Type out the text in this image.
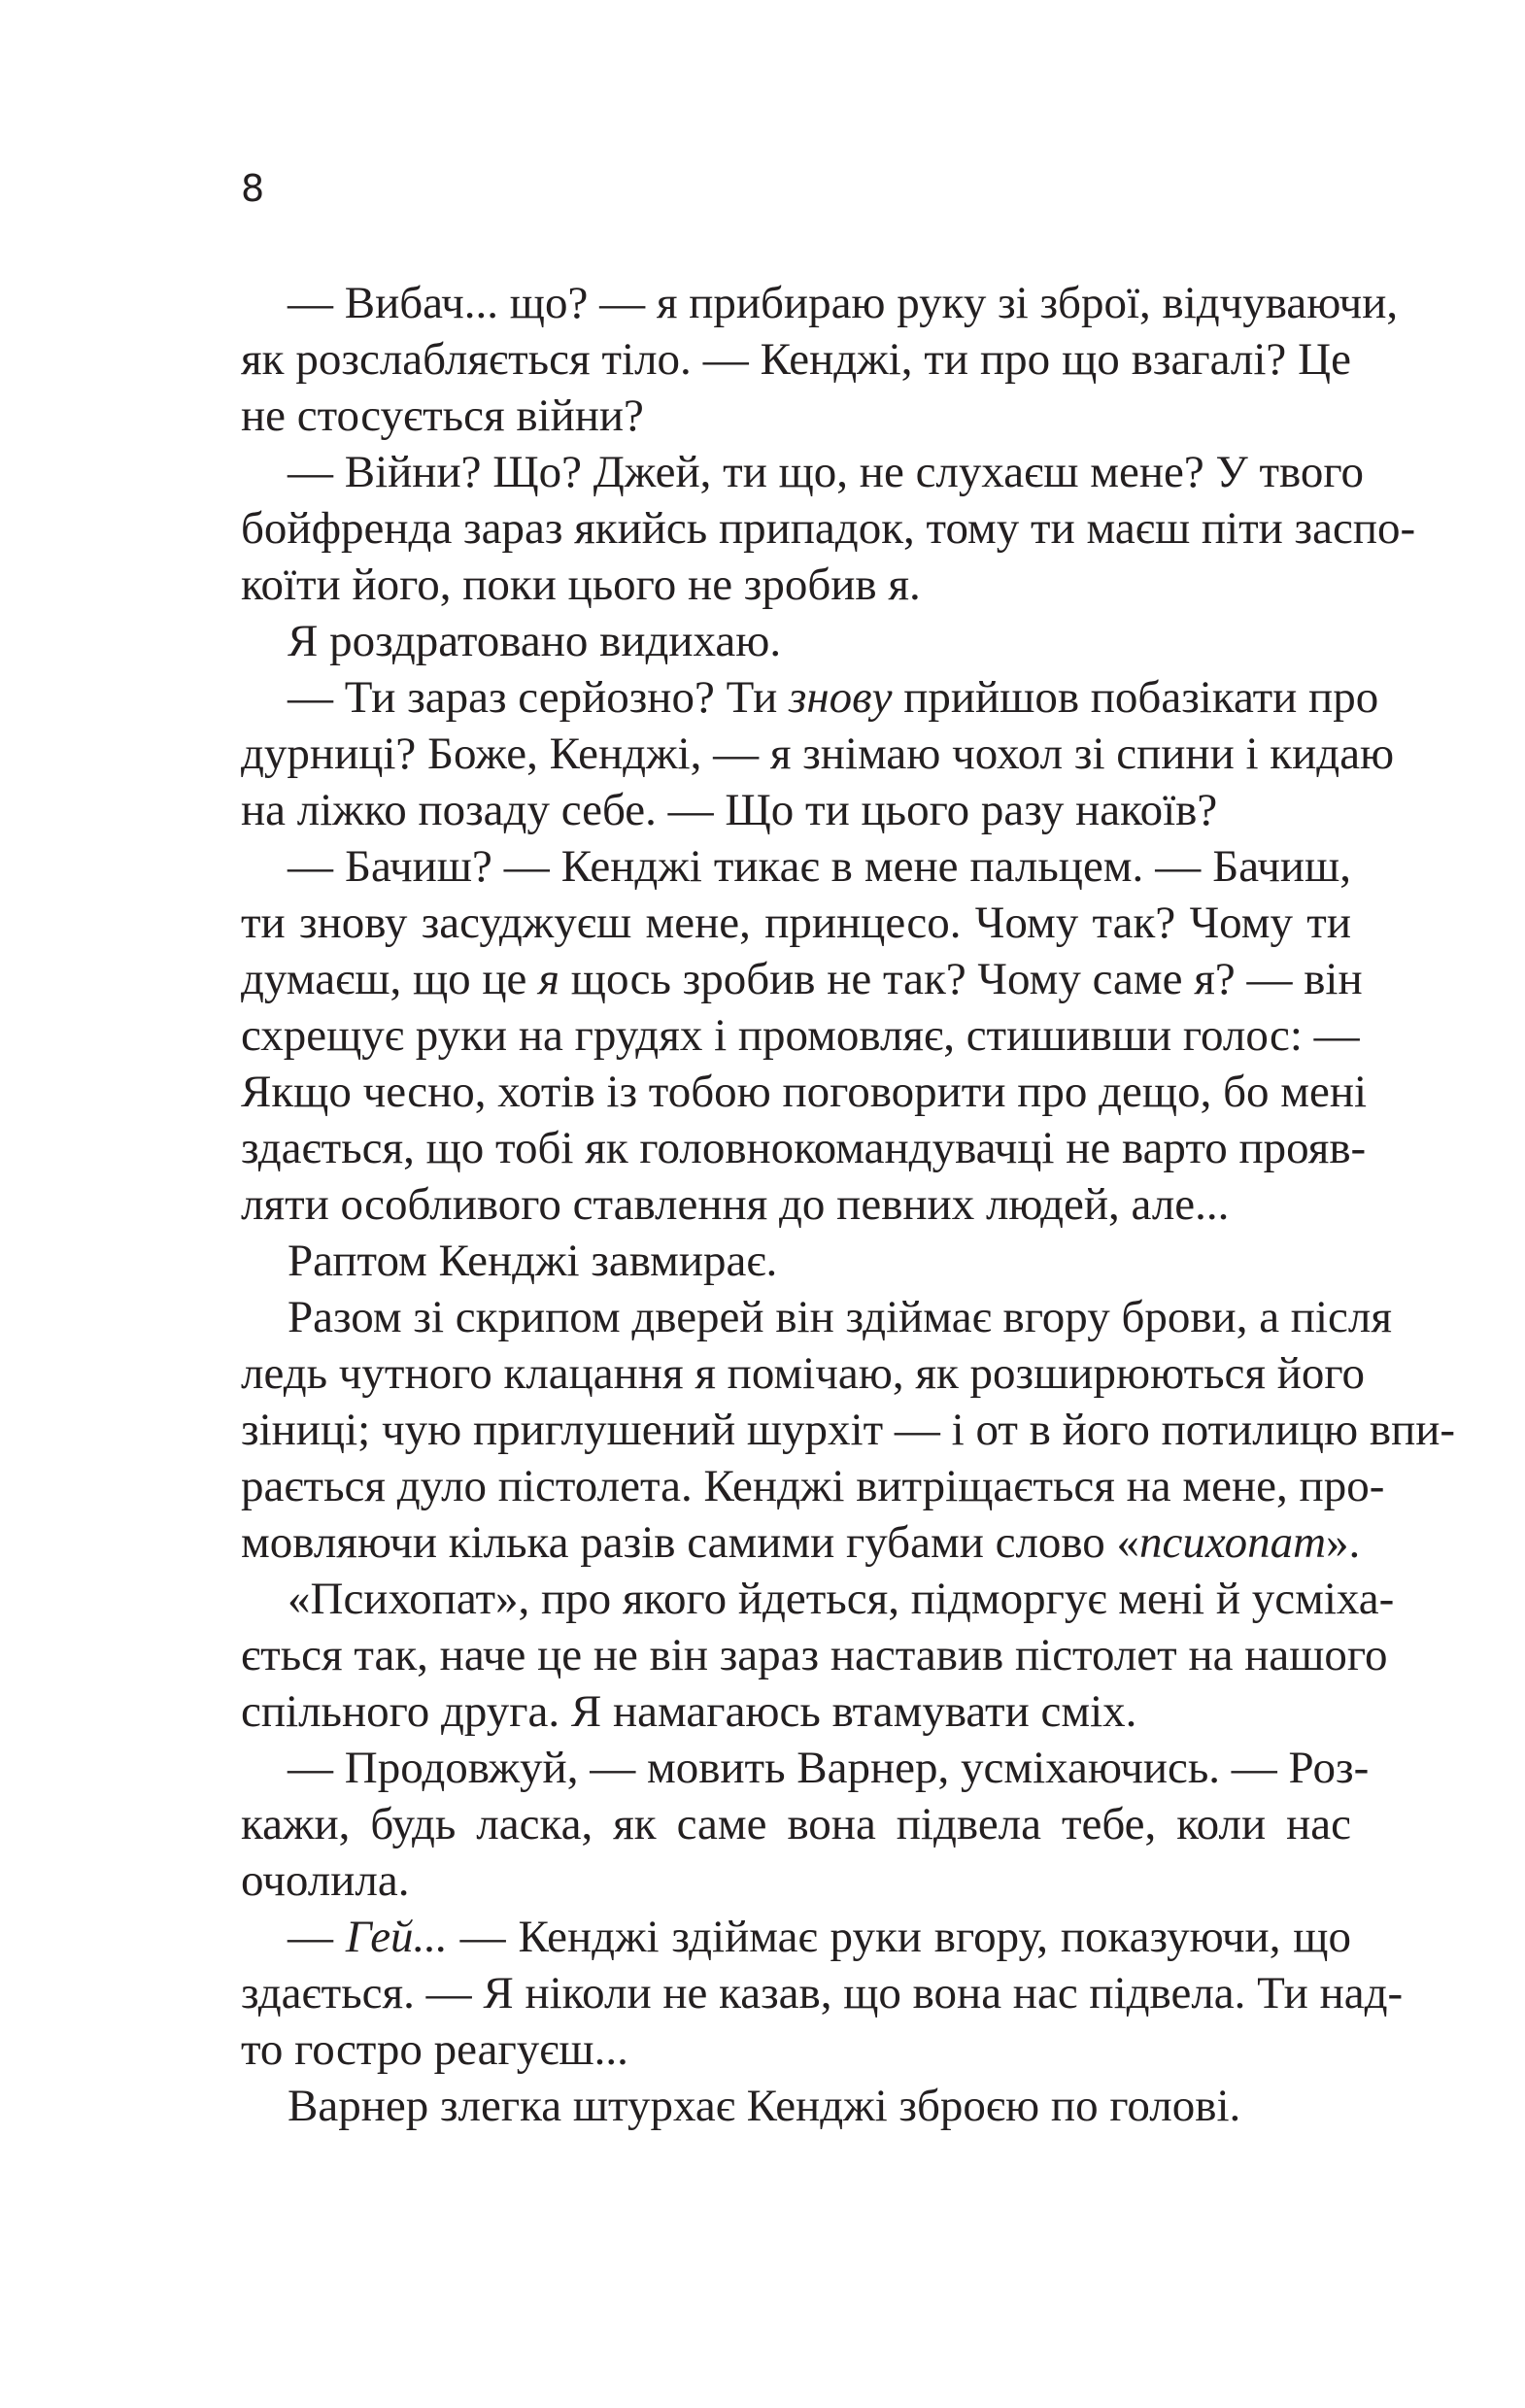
8
— Вибач... що? — я прибираю руку зі зброї, відчуваючи,
як розслабляється тіло. — Кенджі, ти про що взагалі? Це
не стосується війни?
— Війни? Що? Джей, ти що, не слухаєш мене? У твого
бойфренда зараз якийсь припадок, тому ти маєш піти заспо-
коїти його, поки цього не зробив я.
Я роздратовано видихаю.
— Ти зараз серйозно? Ти знову прийшов побазікати про
дурниці? Боже, Кенджі, — я знімаю чохол зі спини і кидаю
на ліжко позаду себе. — Що ти цього разу накоїв?
— Бачиш? — Кенджі тикає в мене пальцем. — Бачиш,
ти знову засуджуєш мене, принцесо. Чому так? Чому ти
думаєш, що це я щось зробив не так? Чому саме я? — він
схрещує руки на грудях і промовляє, стишивши голос: —
Якщо чесно, хотів із тобою поговорити про дещо, бо мені
здається, що тобі як головнокомандувачці не варто прояв-
ляти особливого ставлення до певних людей, але...
Раптом Кенджі завмирає.
Разом зі скрипом дверей він здіймає вгору брови, а після
ледь чутного клацання я помічаю, як розширюються його
зіниці; чую приглушений шурхіт — і от в його потилицю впи-
рається дуло пістолета. Кенджі витріщається на мене, про-
мовляючи кілька разів самими губами слово «психопат».
«Психопат», про якого йдеться, підморгує мені й усміха-
ється так, наче це не він зараз наставив пістолет на нашого
спільного друга. Я намагаюсь втамувати сміх.
— Продовжуй, — мовить Варнер, усміхаючись. — Роз-
кажи, будь ласка, як саме вона підвела тебе, коли нас
очолила.
— Гей... — Кенджі здіймає руки вгору, показуючи, що
здається. — Я ніколи не казав, що вона нас підвела. Ти над-
то гостро реагуєш...
Варнер злегка штурхає Кенджі зброєю по голові.
